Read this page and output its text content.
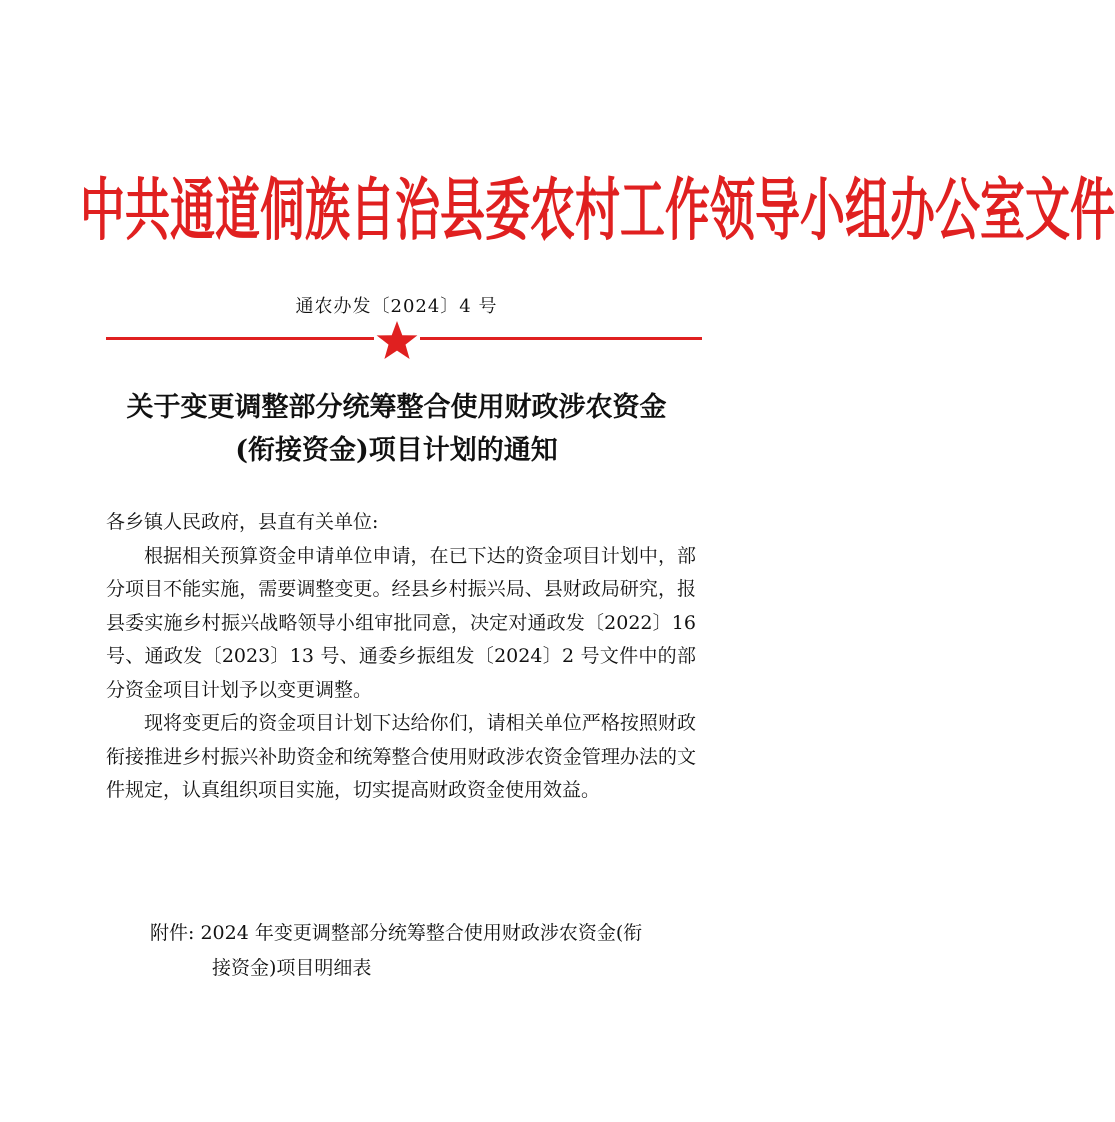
中共通道侗族自治县委农村工作领导小组办公室文件
通农办发〔2024〕4 号
关于变更调整部分统筹整合使用财政涉农资金
(衔接资金)项目计划的通知

各乡镇人民政府，县直有关单位:

根据相关预算资金申请单位申请，在已下达的资金项目计划中，部分项目不能实施，需要调整变更。经县乡村振兴局、县财政局研究，报县委实施乡村振兴战略领导小组审批同意，决定对通政发〔2022〕16 号、通政发〔2023〕13 号、通委乡振组发〔2024〕2 号文件中的部分资金项目计划予以变更调整。

现将变更后的资金项目计划下达给你们，请相关单位严格按照财政衔接推进乡村振兴补助资金和统筹整合使用财政涉农资金管理办法的文件规定，认真组织项目实施，切实提高财政资金使用效益。

附件: 2024 年变更调整部分统筹整合使用财政涉农资金(衔
接资金)项目明细表
